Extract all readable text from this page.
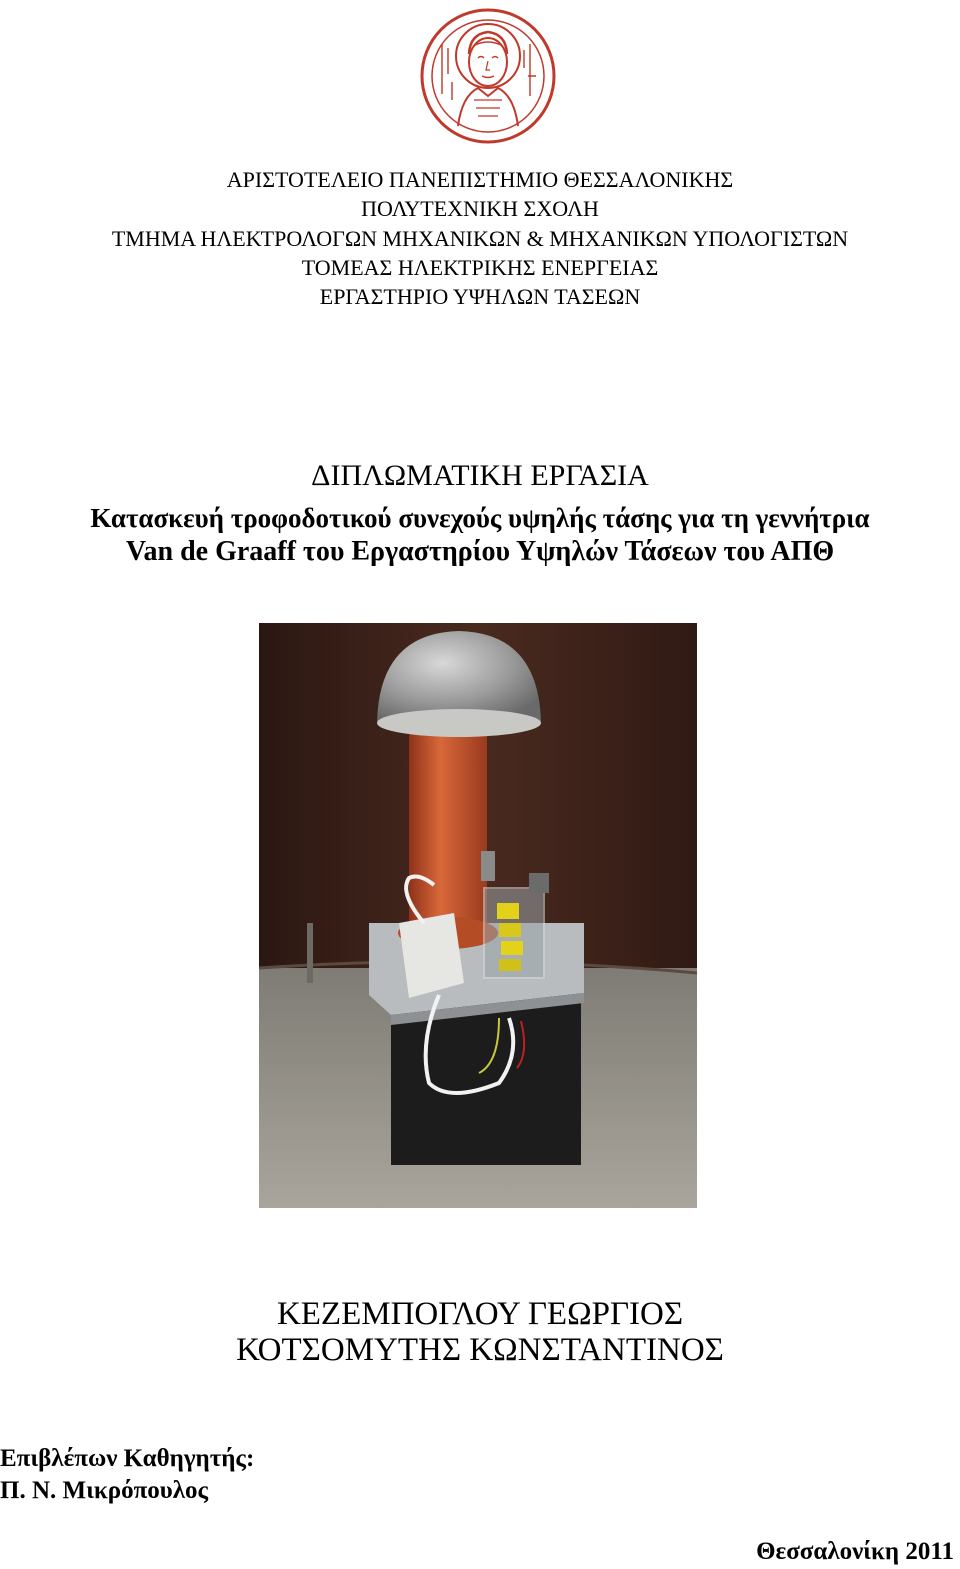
ΑΡΙΣΤΟΤΕΛΕΙΟ ΠΑΝΕΠΙΣΤΗΜΙΟ ΘΕΣΣΑΛΟΝΙΚΗΣ
ΠΟΛΥΤΕΧΝΙΚΗ ΣΧΟΛΗ
ΤΜΗΜΑ ΗΛΕΚΤΡΟΛΟΓΩΝ ΜΗΧΑΝΙΚΩΝ & ΜΗΧΑΝΙΚΩΝ ΥΠΟΛΟΓΙΣΤΩΝ
ΤΟΜΕΑΣ ΗΛΕΚΤΡΙΚΗΣ ΕΝΕΡΓΕΙΑΣ
ΕΡΓΑΣΤΗΡΙΟ ΥΨΗΛΩΝ ΤΑΣΕΩΝ
ΔΙΠΛΩΜΑΤΙΚΗ ΕΡΓΑΣΙΑ
Κατασκευή τροφοδοτικού συνεχούς υψηλής τάσης για τη γεννήτρια
Van de Graaff του Εργαστηρίου Υψηλών Τάσεων του ΑΠΘ
ΚΕΖΕΜΠΟΓΛΟΥ ΓΕΩΡΓΙΟΣ
ΚΟΤΣΟΜΥΤΗΣ ΚΩΝΣΤΑΝΤΙΝΟΣ
Επιβλέπων Καθηγητής:
Π. Ν. Μικρόπουλος
Θεσσαλονίκη 2011
